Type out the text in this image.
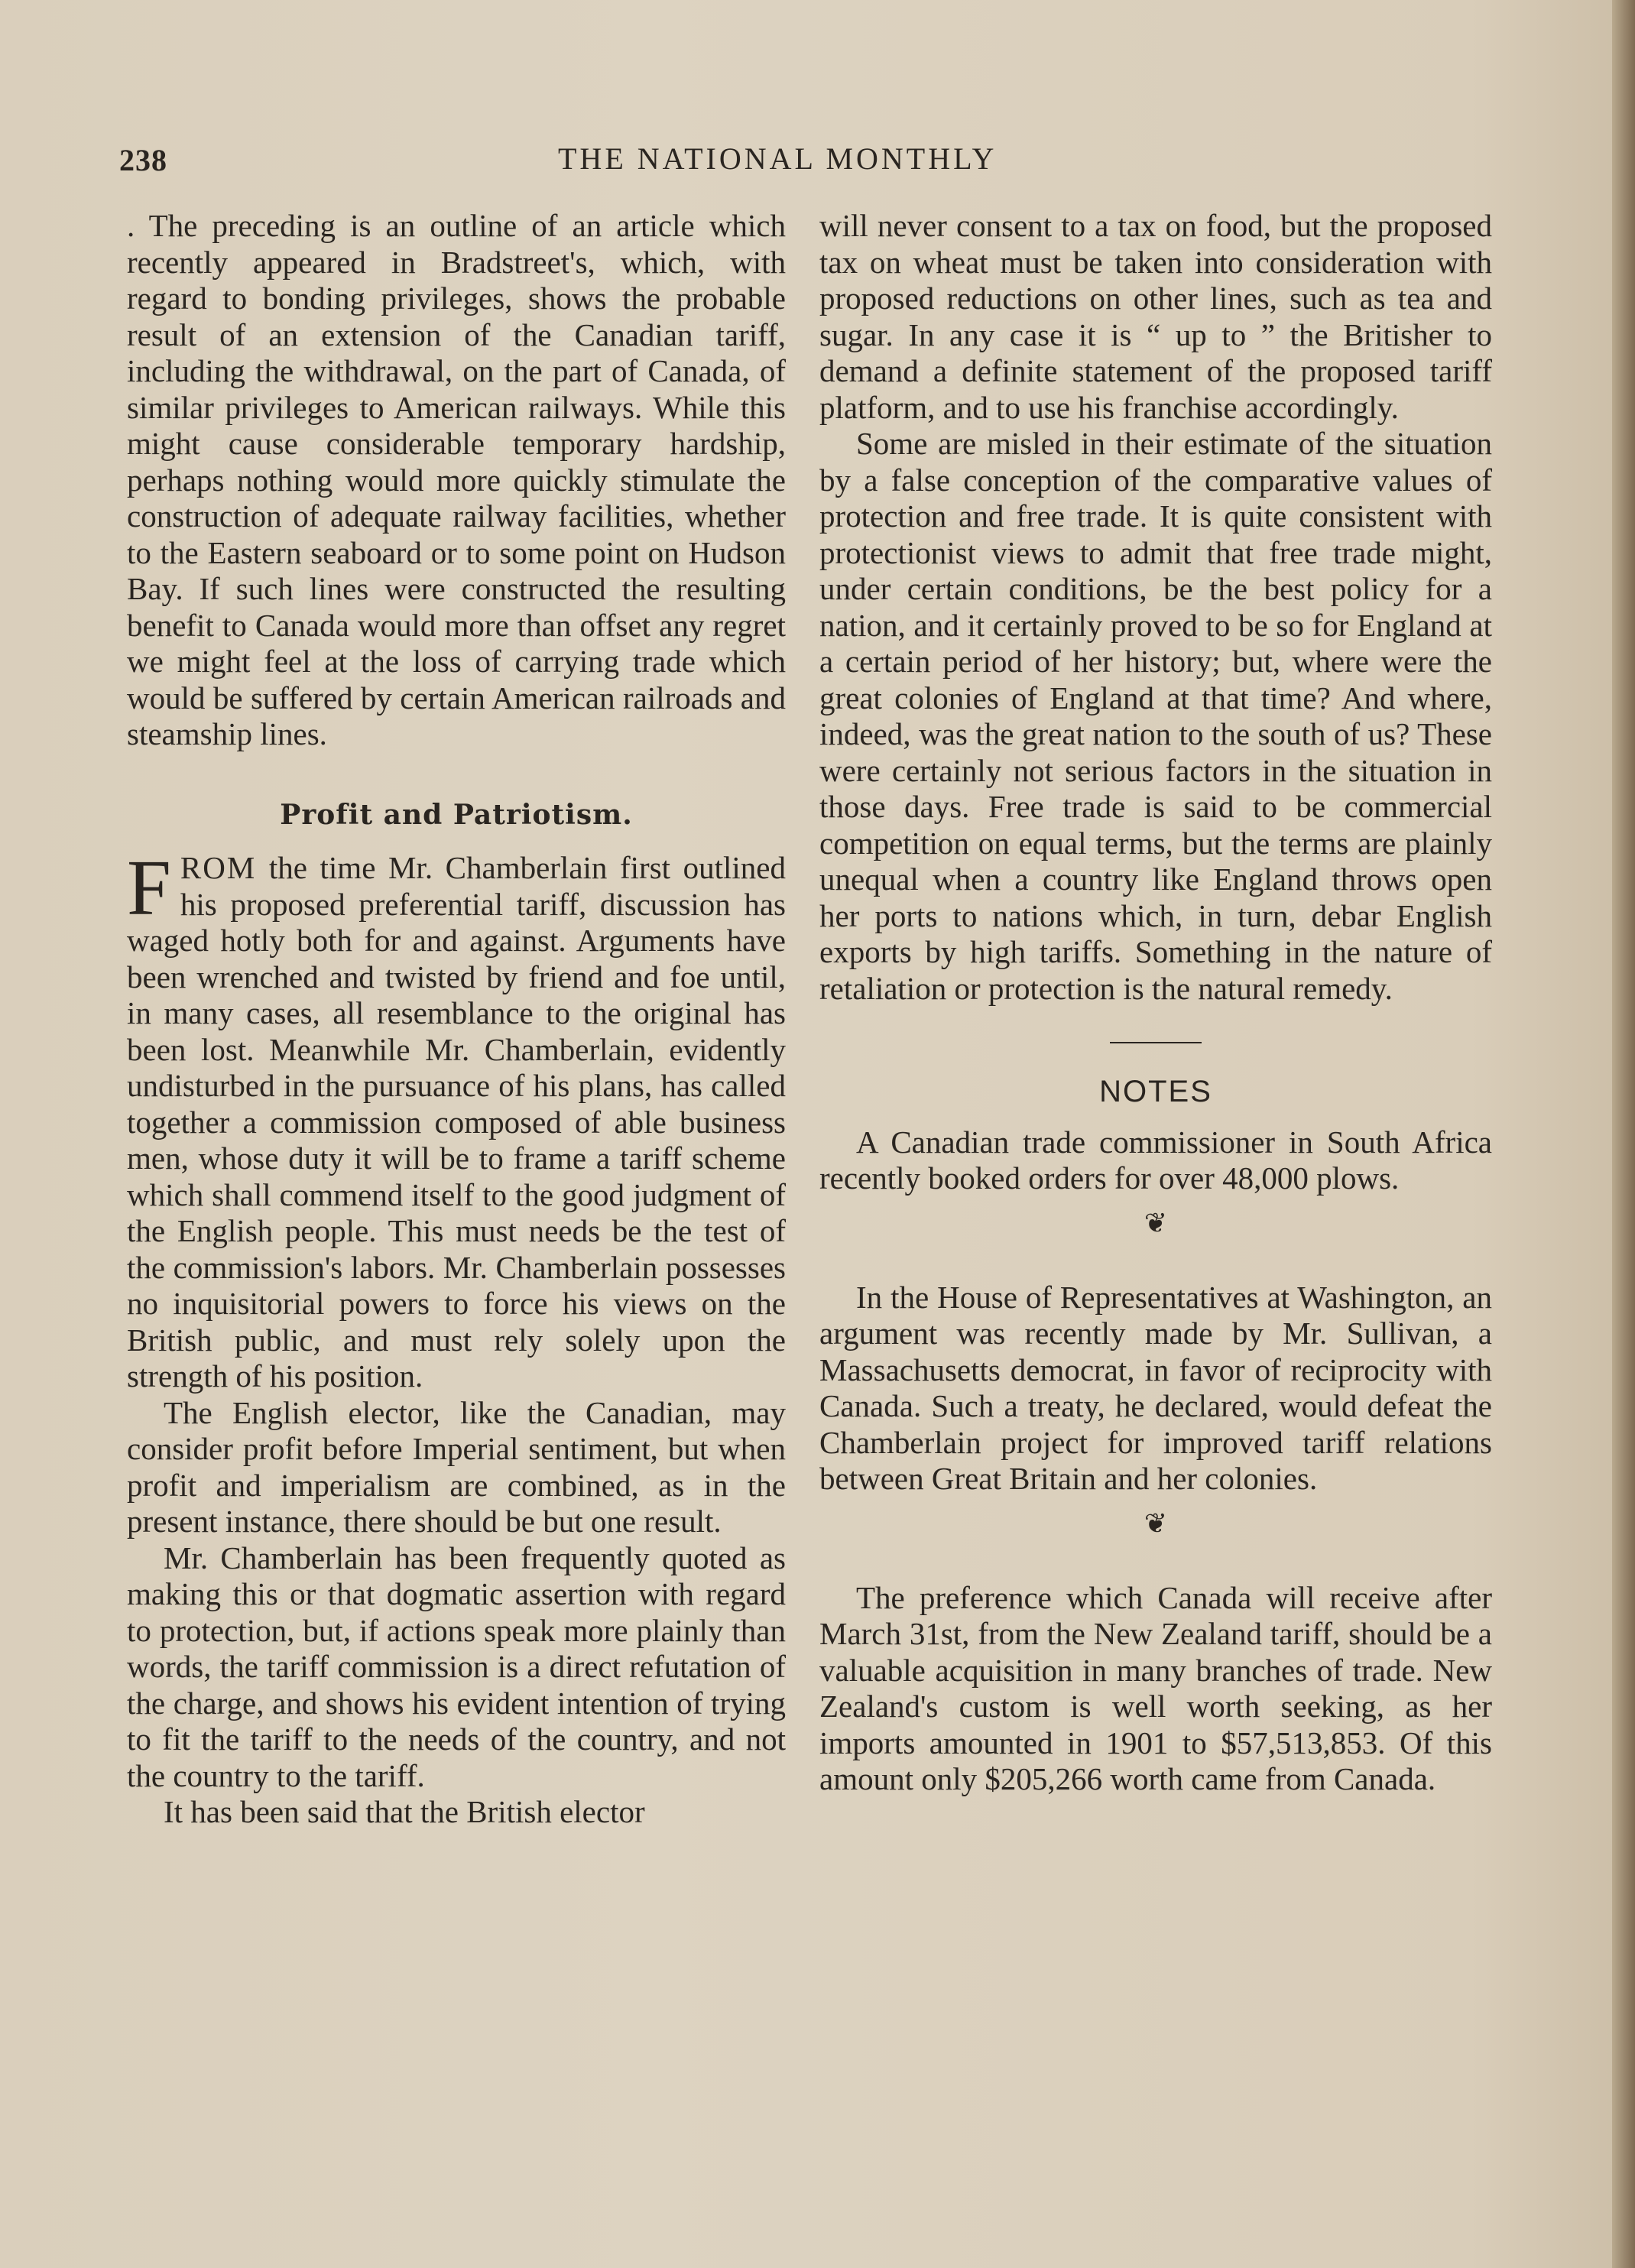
238	THE NATIONAL MONTHLY

. The preceding is an outline of an article which recently appeared in Bradstreet's, which, with regard to bonding privileges, shows the probable result of an extension of the Canadian tariff, including the withdrawal, on the part of Canada, of similar privileges to American railways. While this might cause considerable temporary hardship, perhaps nothing would more quickly stimulate the construction of adequate railway facilities, whether to the Eastern seaboard or to some point on Hudson Bay. If such lines were constructed the resulting benefit to Canada would more than offset any regret we might feel at the loss of carrying trade which would be suffered by certain American railroads and steamship lines.

Profit and Patriotism.

FROM the time Mr. Chamberlain first outlined his proposed preferential tariff, discussion has waged hotly both for and against. Arguments have been wrenched and twisted by friend and foe until, in many cases, all resemblance to the original has been lost. Meanwhile Mr. Chamberlain, evidently undisturbed in the pursuance of his plans, has called together a commission composed of able business men, whose duty it will be to frame a tariff scheme which shall commend itself to the good judgment of the English people. This must needs be the test of the commission's labors. Mr. Chamberlain possesses no inquisitorial powers to force his views on the British public, and must rely solely upon the strength of his position.

The English elector, like the Canadian, may consider profit before Imperial sentiment, but when profit and imperialism are combined, as in the present instance, there should be but one result.

Mr. Chamberlain has been frequently quoted as making this or that dogmatic assertion with regard to protection, but, if actions speak more plainly than words, the tariff commission is a direct refutation of the charge, and shows his evident intention of trying to fit the tariff to the needs of the country, and not the country to the tariff.

It has been said that the British elector

will never consent to a tax on food, but the proposed tax on wheat must be taken into consideration with proposed reductions on other lines, such as tea and sugar. In any case it is “ up to ” the Britisher to demand a definite statement of the proposed tariff platform, and to use his franchise accordingly.

Some are misled in their estimate of the situation by a false conception of the comparative values of protection and free trade. It is quite consistent with protectionist views to admit that free trade might, under certain conditions, be the best policy for a nation, and it certainly proved to be so for England at a certain period of her history; but, where were the great colonies of England at that time? And where, indeed, was the great nation to the south of us? These were certainly not serious factors in the situation in those days. Free trade is said to be commercial competition on equal terms, but the terms are plainly unequal when a country like England throws open her ports to nations which, in turn, debar English exports by high tariffs. Something in the nature of retaliation or protection is the natural remedy.

NOTES

A Canadian trade commissioner in South Africa recently booked orders for over 48,000 plows.

❦

In the House of Representatives at Washington, an argument was recently made by Mr. Sullivan, a Massachusetts democrat, in favor of reciprocity with Canada. Such a treaty, he declared, would defeat the Chamberlain project for improved tariff relations between Great Britain and her colonies.

❦

The preference which Canada will receive after March 31st, from the New Zealand tariff, should be a valuable acquisition in many branches of trade. New Zealand's custom is well worth seeking, as her imports amounted in 1901 to $57,513,853. Of this amount only $205,266 worth came from Canada.
